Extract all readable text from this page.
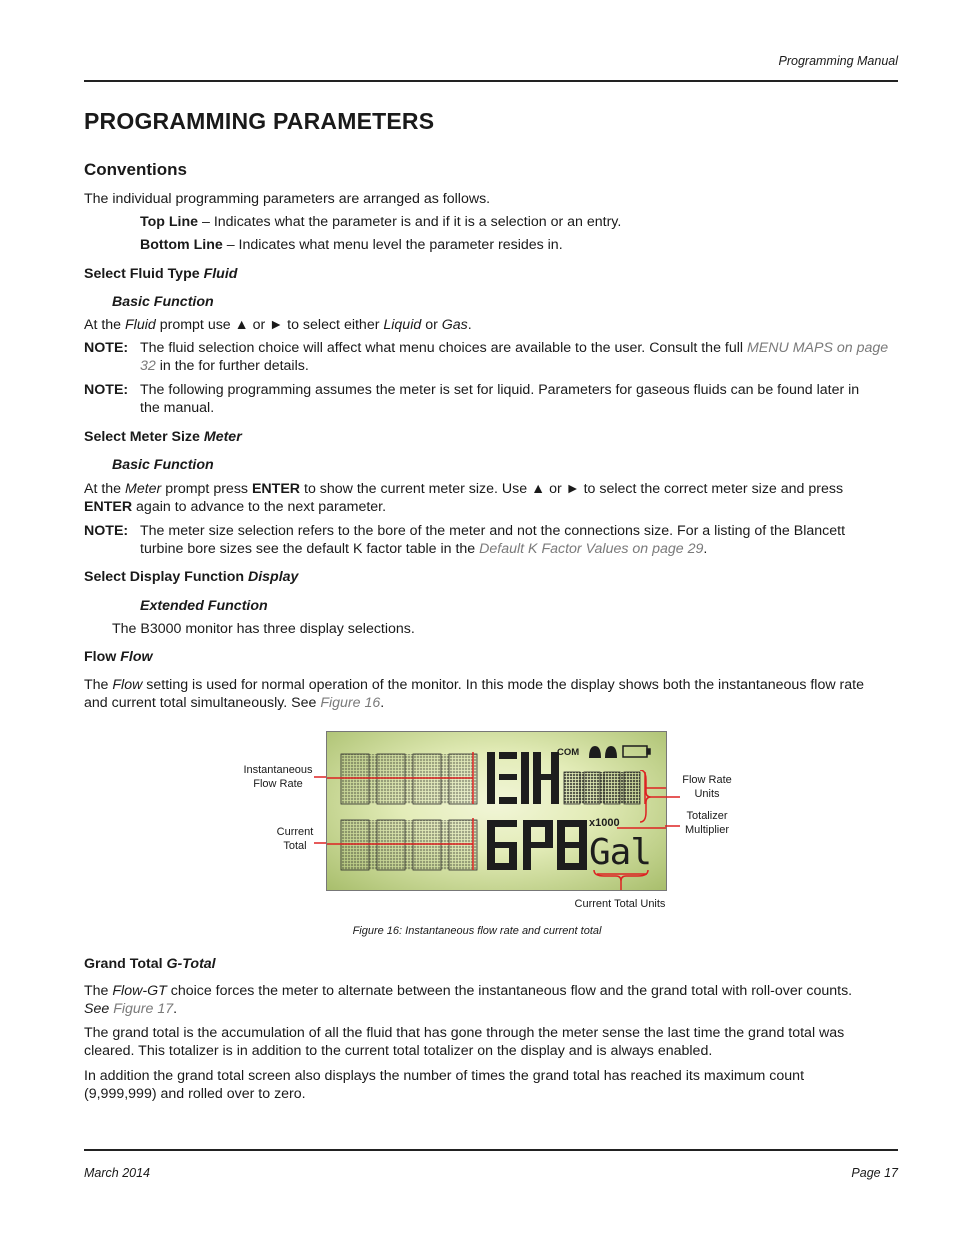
Programming Manual
PROGRAMMING PARAMETERS
Conventions
The individual programming parameters are arranged as follows.
Top Line – Indicates what the parameter is and if it is a selection or an entry.
Bottom Line – Indicates what menu level the parameter resides in.
Select Fluid Type Fluid
Basic Function
At the Fluid prompt use ▲ or ► to select either Liquid or Gas.
NOTE: The fluid selection choice will affect what menu choices are available to the user. Consult the full MENU MAPS on page
32 in the for further details.
NOTE: The following programming assumes the meter is set for liquid. Parameters for gaseous fluids can be found later in
the manual.
Select Meter Size Meter
Basic Function
At the Meter prompt press ENTER to show the current meter size. Use ▲ or ► to select the correct meter size and press
ENTER again to advance to the next parameter.
NOTE: The meter size selection refers to the bore of the meter and not the connections size. For a listing of the Blancett
turbine bore sizes see the default K factor table in the Default K Factor Values on page 29.
Select Display Function Display
Extended Function
The B3000 monitor has three display selections.
Flow Flow
The Flow setting is used for normal operation of the monitor. In this mode the display shows both the instantaneous flow rate
and current total simultaneously. See Figure 16.
COM
x1000
Gal
Instantaneous
Flow Rate
Current
Total
Flow Rate
Units
Totalizer
Multiplier
Current Total Units
Figure 16: Instantaneous flow rate and current total
Grand Total G-Total
The Flow-GT choice forces the meter to alternate between the instantaneous flow and the grand total with roll-over counts.
See Figure 17.
The grand total is the accumulation of all the fluid that has gone through the meter sense the last time the grand total was
cleared. This totalizer is in addition to the current total totalizer on the display and is always enabled.
In addition the grand total screen also displays the number of times the grand total has reached its maximum count
(9,999,999) and rolled over to zero.
March 2014	Page 17
